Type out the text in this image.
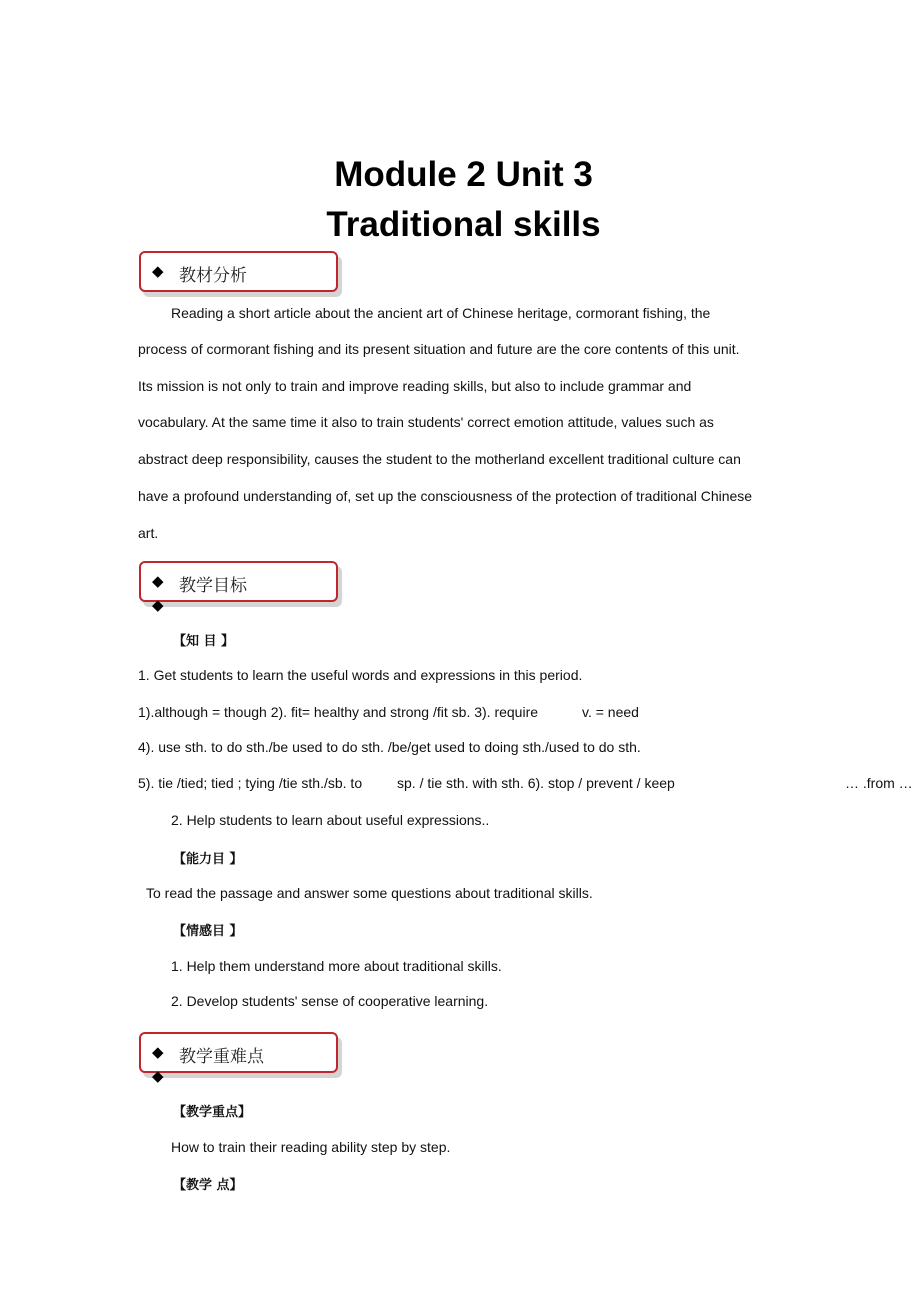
Module 2 Unit 3
Traditional skills
◆ 教材分析
Reading a short article about the ancient art of Chinese heritage, cormorant fishing, the
process of cormorant fishing and its present situation and future are the core contents of this unit.
Its mission is not only to train and improve reading skills, but also to include grammar and
vocabulary. At the same time it also to train students' correct emotion attitude, values such as
abstract deep responsibility, causes the student to the motherland excellent traditional culture can
have a profound understanding of, set up the consciousness of the protection of traditional Chinese
art.
◆ 教学目标
◆
【知 目 】
1. Get students to learn the useful words and expressions in this period.
1).although = though 2). fit= healthy and strong /fit sb. 3). require	v. = need
4). use sth. to do sth./be used to do sth. /be/get used to doing sth./used to do sth.
5). tie /tied; tied ; tying /tie sth./sb. to sp. / tie sth. with sth. 6). stop / prevent / keep	… .from …
2. Help students to learn about useful expressions..
【能力目 】
To read the passage and answer some questions about traditional skills.
【情感目 】
1. Help them understand more about traditional skills.
2. Develop students' sense of cooperative learning.
◆ 教学重难点
◆
【教学重点】
How to train their reading ability step by step.
【教学 点】
